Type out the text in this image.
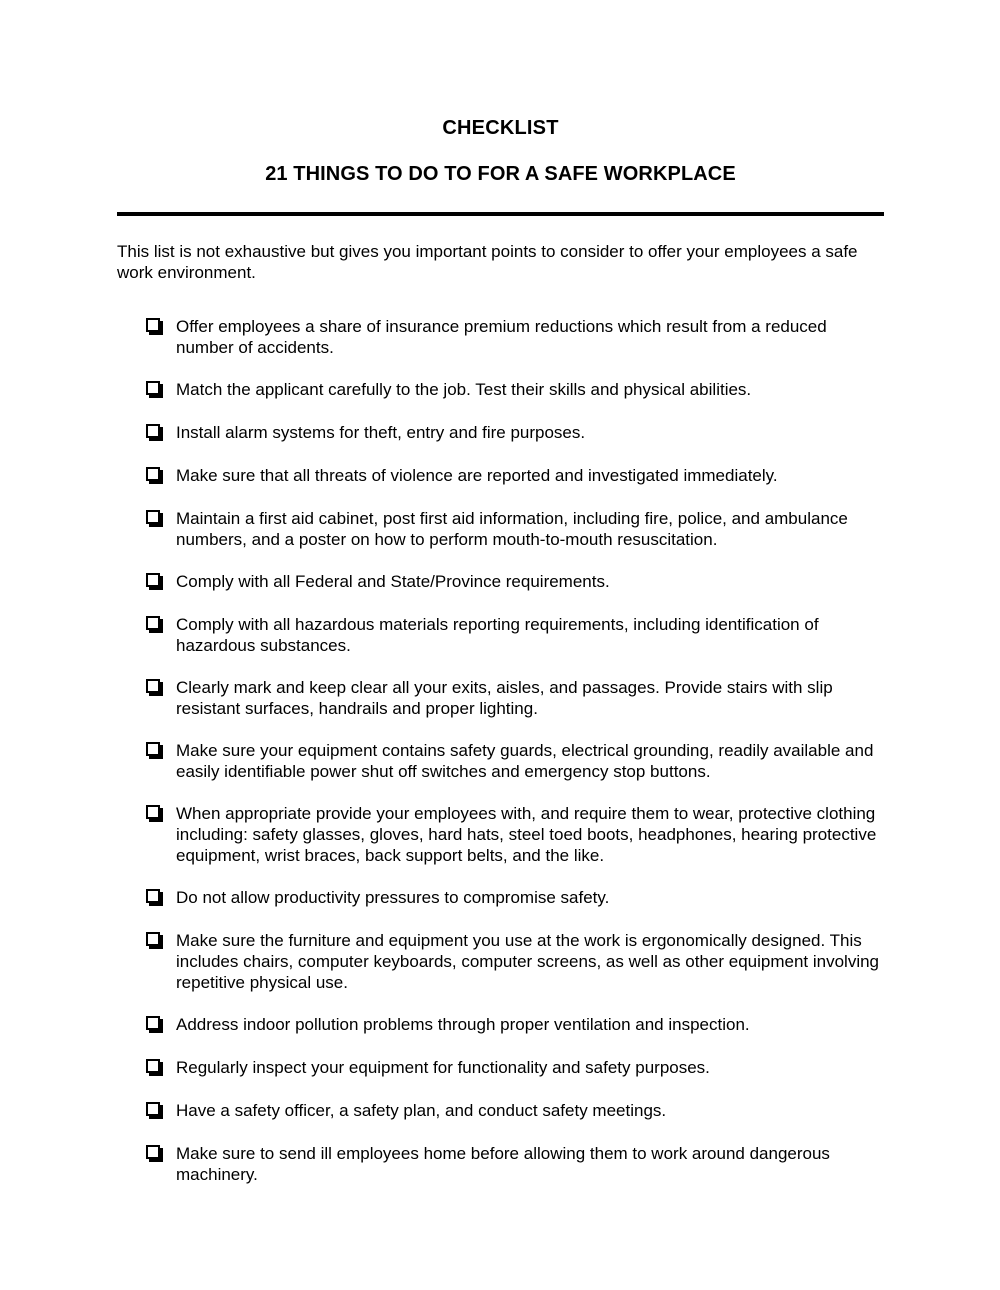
CHECKLIST
21 THINGS TO DO TO FOR A SAFE WORKPLACE

This list is not exhaustive but gives you important points to consider to offer your employees a safe work environment.

Offer employees a share of insurance premium reductions which result from a reduced number of accidents.
Match the applicant carefully to the job. Test their skills and physical abilities.
Install alarm systems for theft, entry and fire purposes.
Make sure that all threats of violence are reported and investigated immediately.
Maintain a first aid cabinet, post first aid information, including fire, police, and ambulance numbers, and a poster on how to perform mouth-to-mouth resuscitation.
Comply with all Federal and State/Province requirements.
Comply with all hazardous materials reporting requirements, including identification of hazardous substances.
Clearly mark and keep clear all your exits, aisles, and passages. Provide stairs with slip resistant surfaces, handrails and proper lighting.
Make sure your equipment contains safety guards, electrical grounding, readily available and easily identifiable power shut off switches and emergency stop buttons.
When appropriate provide your employees with, and require them to wear, protective clothing including: safety glasses, gloves, hard hats, steel toed boots, headphones, hearing protective equipment, wrist braces, back support belts, and the like.
Do not allow productivity pressures to compromise safety.
Make sure the furniture and equipment you use at the work is ergonomically designed. This includes chairs, computer keyboards, computer screens, as well as other equipment involving repetitive physical use.
Address indoor pollution problems through proper ventilation and inspection.
Regularly inspect your equipment for functionality and safety purposes.
Have a safety officer, a safety plan, and conduct safety meetings.
Make sure to send ill employees home before allowing them to work around dangerous machinery.
